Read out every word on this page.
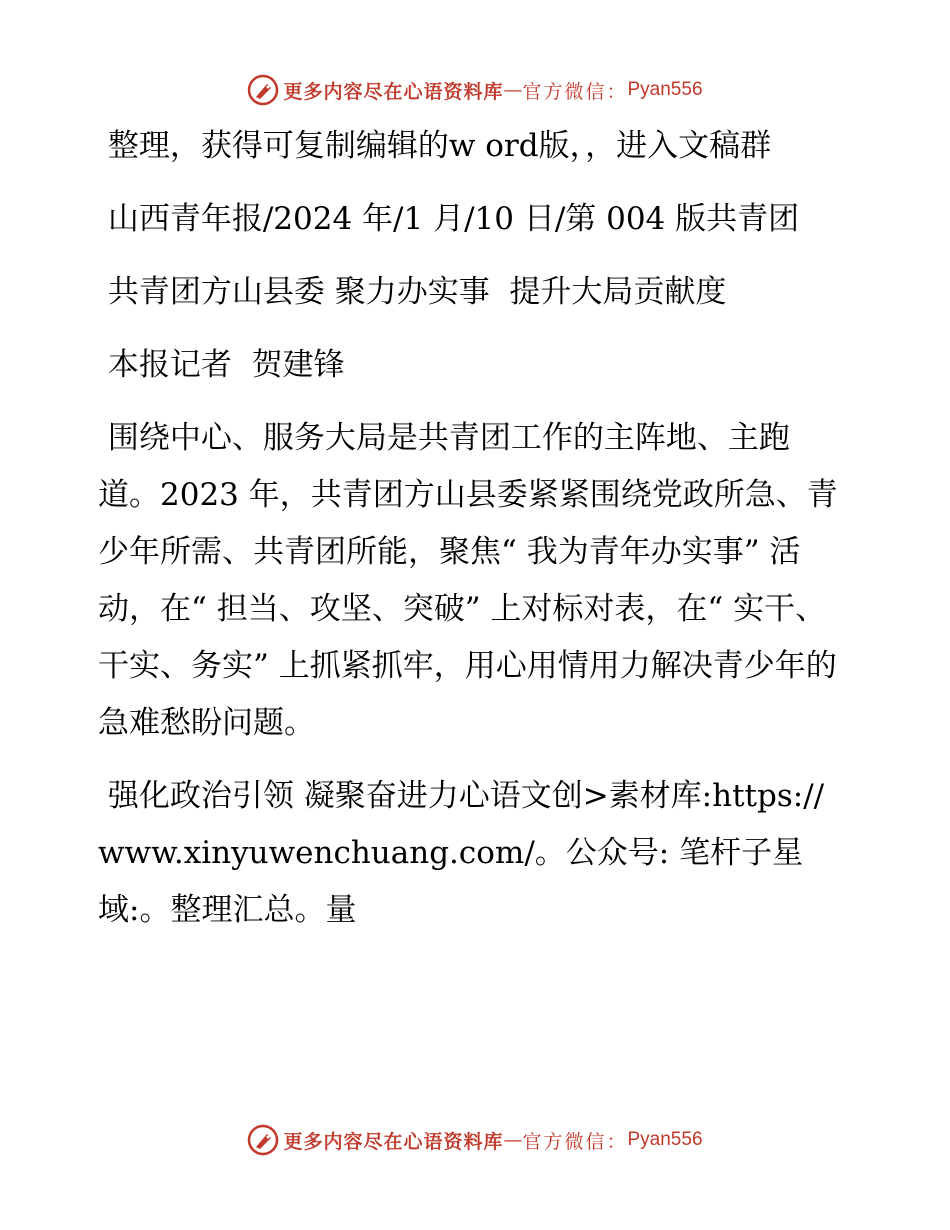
更多内容尽在心语资料库 — 官方微信： Pyan556

整理，获得可复制编辑的w ord版，，进入文稿群

山西青年报/2024 年/1 月/10 日/第 004 版共青团

共青团方山县委 聚力办实事  提升大局贡献度

本报记者  贺建锋

围绕中心、服务大局是共青团工作的主阵地、主跑道。2023 年，共青团方山县委紧紧围绕党政所急、青少年所需、共青团所能，聚焦“ 我为青年办实事” 活动，在“ 担当、攻坚、突破” 上对标对表，在“ 实干、干实、务实” 上抓紧抓牢，用心用情用力解决青少年的急难愁盼问题。

强化政治引领 凝聚奋进力心语文创>素材库:https://www.xinyuwenchuang.com/。公众号: 笔杆子星域:。整理汇总。量

更多内容尽在心语资料库 — 官方微信： Pyan556
